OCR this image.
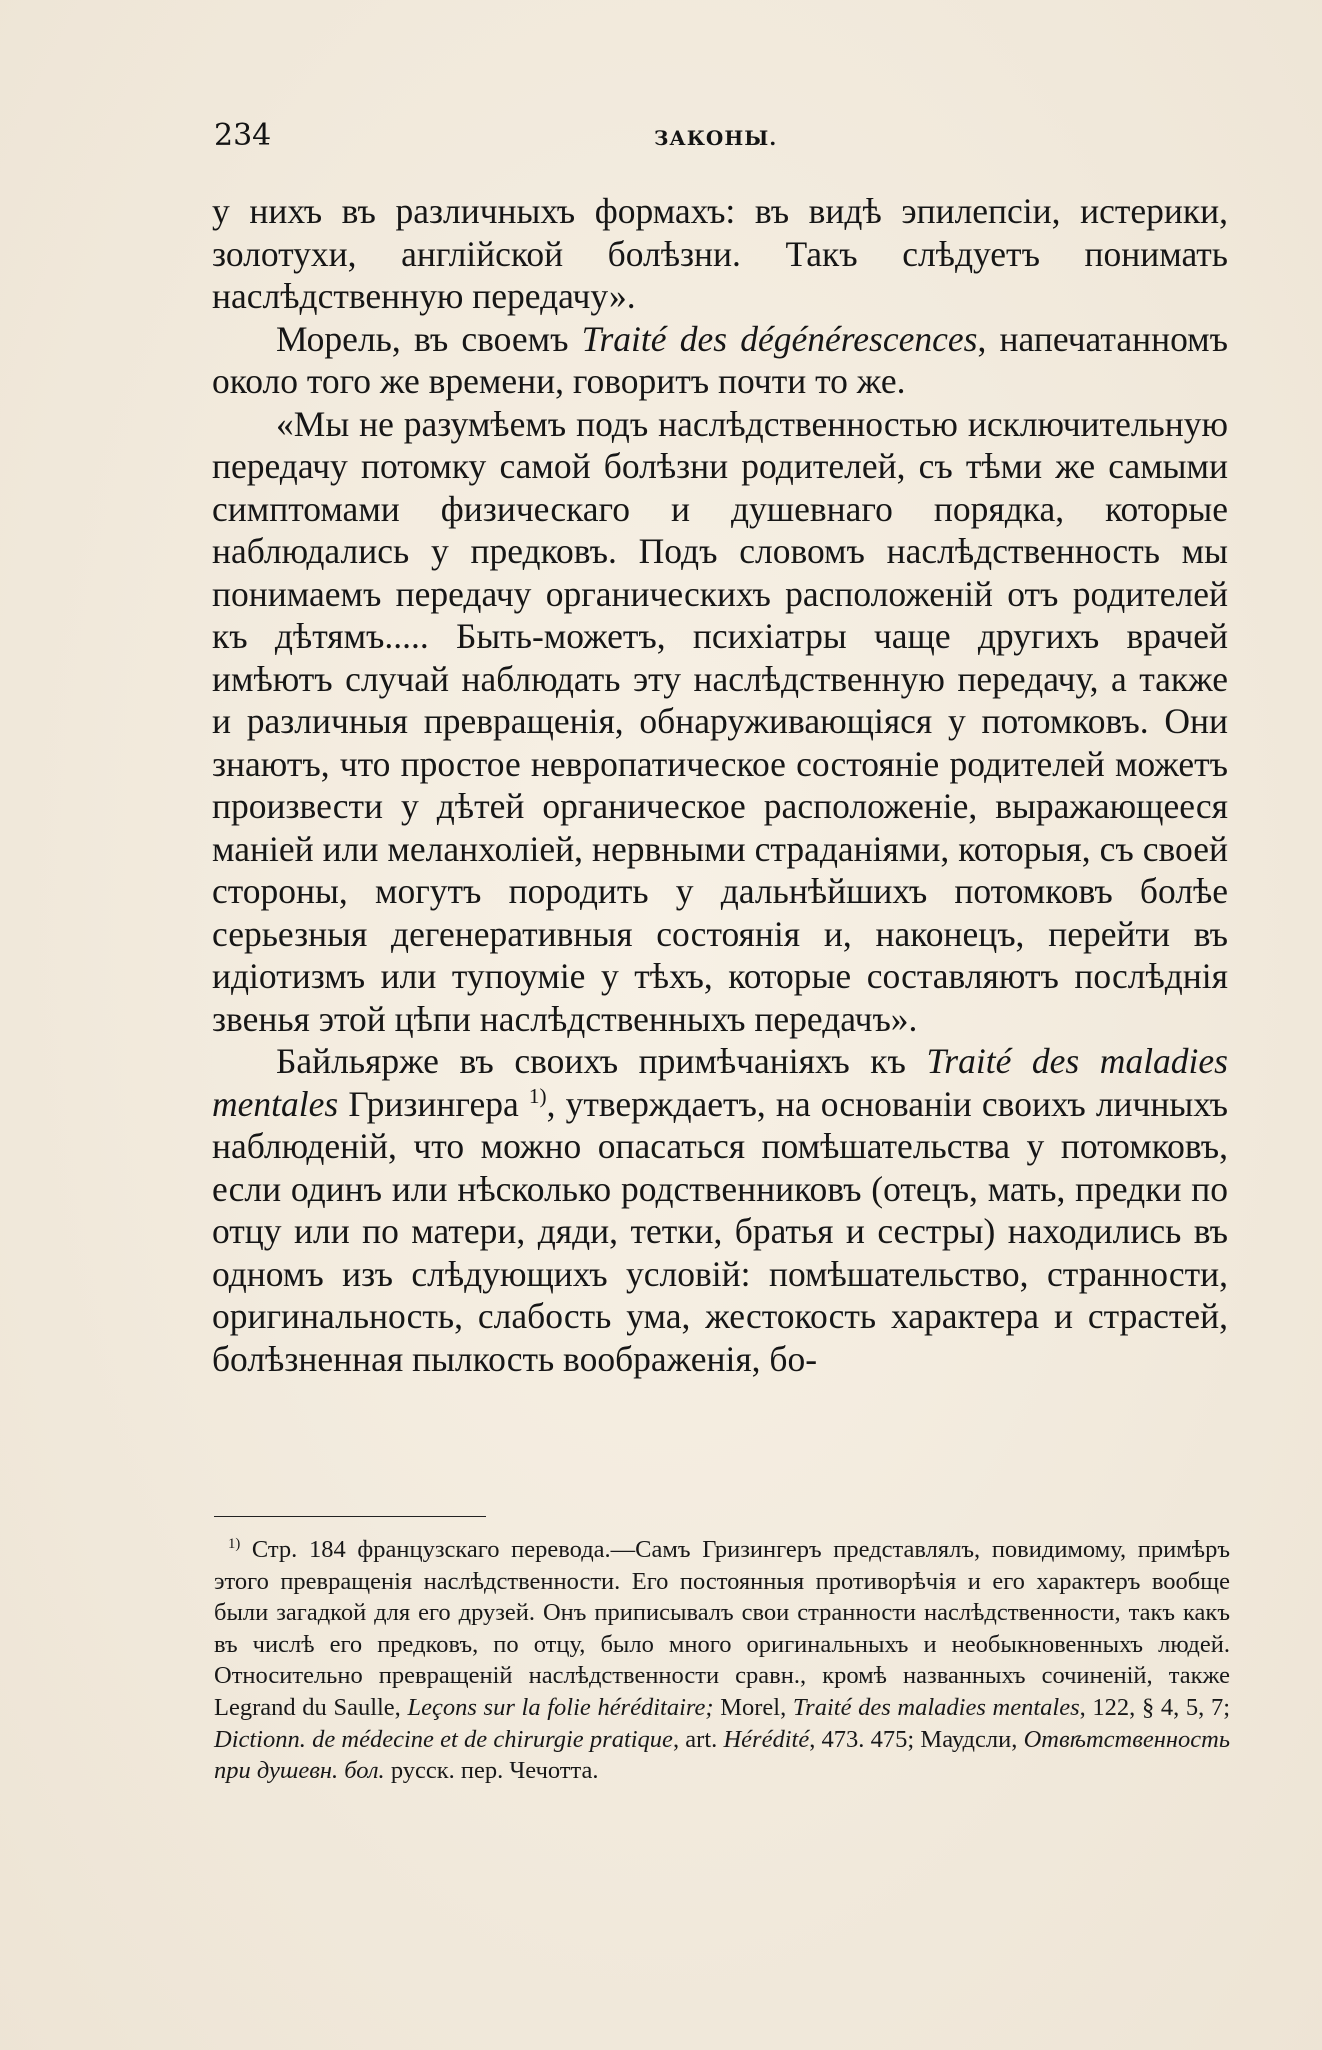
234	ЗАКОНЫ.

у нихъ въ различныхъ формахъ: въ видѣ эпилепсіи, истерики, золотухи, англійской болѣзни. Такъ слѣдуетъ понимать наслѣдственную передачу».

Морель, въ своемъ Traité des dégénérescences, напечатанномъ около того же времени, говоритъ почти то же.

«Мы не разумѣемъ подъ наслѣдственностью исключительную передачу потомку самой болѣзни родителей, съ тѣми же самыми симптомами физическаго и душевнаго порядка, которые наблюдались у предковъ. Подъ словомъ наслѣдственность мы понимаемъ передачу органическихъ расположеній отъ родителей къ дѣтямъ..... Быть-можетъ, психіатры чаще другихъ врачей имѣютъ случай наблюдать эту наслѣдственную передачу, а также и различныя превращенія, обнаруживающіяся у потомковъ. Они знаютъ, что простое невропатическое состояніе родителей можетъ произвести у дѣтей органическое расположеніе, выражающееся маніей или меланхоліей, нервными страданіями, которыя, съ своей стороны, могутъ породить у дальнѣйшихъ потомковъ болѣе серьезныя дегенеративныя состоянія и, наконецъ, перейти въ идіотизмъ или тупоуміе у тѣхъ, которые составляютъ послѣднія звенья этой цѣпи наслѣдственныхъ передачъ».

Байльярже въ своихъ примѣчаніяхъ къ Traité des maladies mentales Гризингера $^{1)}$, утверждаетъ, на основаніи своихъ личныхъ наблюденій, что можно опасаться помѣшательства у потомковъ, если одинъ или нѣсколько родственниковъ (отецъ, мать, предки по отцу или по матери, дяди, тетки, братья и сестры) находились въ одномъ изъ слѣдующихъ условій: помѣшательство, странности, оригинальность, слабость ума, жестокость характера и страстей, болѣзненная пылкость воображенія, бо-

$^{1)}$ Стр. 184 французскаго перевода.—Самъ Гризингеръ представлялъ, повидимому, примѣръ этого превращенія наслѣдственности. Его постоянныя противорѣчія и его характеръ вообще были загадкой для его друзей. Онъ приписывалъ свои странности наслѣдственности, такъ какъ въ числѣ его предковъ, по отцу, было много оригинальныхъ и необыкновенныхъ людей. Относительно превращеній наслѣдственности сравн., кромѣ названныхъ сочиненій, также Legrand du Saulle, Leçons sur la folie héréditaire; Morel, Traité des maladies mentales, 122, § 4, 5, 7; Dictionn. de médecine et de chirurgie pratique, art. Hérédité, 473. 475; Маудсли, Отвѣтственность при душевн. бол. русск. пер. Чечотта.
